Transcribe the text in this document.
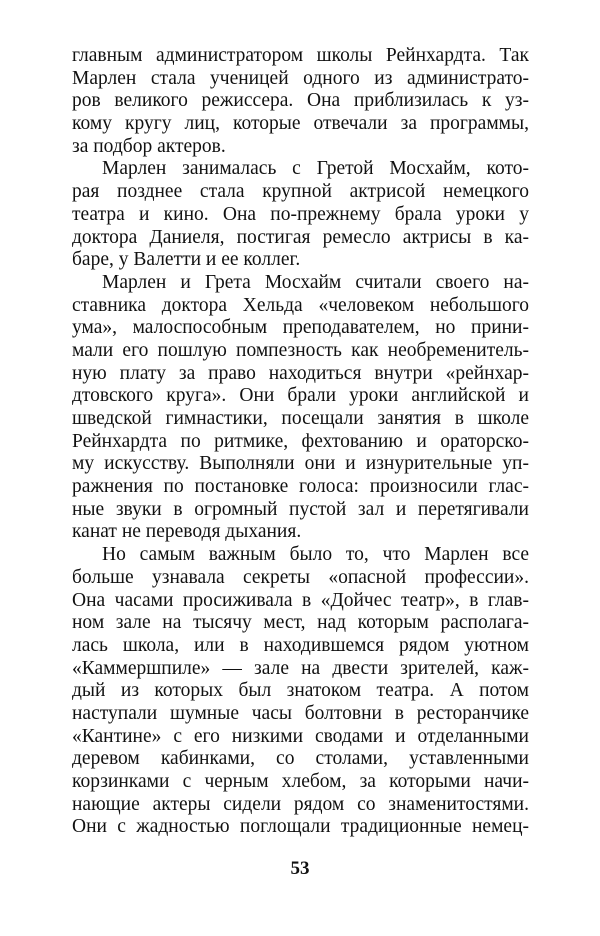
главным администратором школы Рейнхардта. Так
Марлен стала ученицей одного из администрато-
ров великого режиссера. Она приблизилась к уз-
кому кругу лиц, которые отвечали за программы,
за подбор актеров.
Марлен занималась с Гретой Мосхайм, кото-
рая позднее стала крупной актрисой немецкого
театра и кино. Она по-прежнему брала уроки у
доктора Даниеля, постигая ремесло актрисы в ка-
баре, у Валетти и ее коллег.
Марлен и Грета Мосхайм считали своего на-
ставника доктора Хельда «человеком небольшого
ума», малоспособным преподавателем, но прини-
мали его пошлую помпезность как необременитель-
ную плату за право находиться внутри «рейнхар-
дтовского круга». Они брали уроки английской и
шведской гимнастики, посещали занятия в школе
Рейнхардта по ритмике, фехтованию и ораторско-
му искусству. Выполняли они и изнурительные уп-
ражнения по постановке голоса: произносили глас-
ные звуки в огромный пустой зал и перетягивали
канат не переводя дыхания.
Но самым важным было то, что Марлен все
больше узнавала секреты «опасной профессии».
Она часами просиживала в «Дойчес театр», в глав-
ном зале на тысячу мест, над которым располага-
лась школа, или в находившемся рядом уютном
«Каммершпиле» — зале на двести зрителей, каж-
дый из которых был знатоком театра. А потом
наступали шумные часы болтовни в ресторанчике
«Кантине» с его низкими сводами и отделанными
деревом кабинками, со столами, уставленными
корзинками с черным хлебом, за которыми начи-
нающие актеры сидели рядом со знаменитостями.
Они с жадностью поглощали традиционные немец-
53
